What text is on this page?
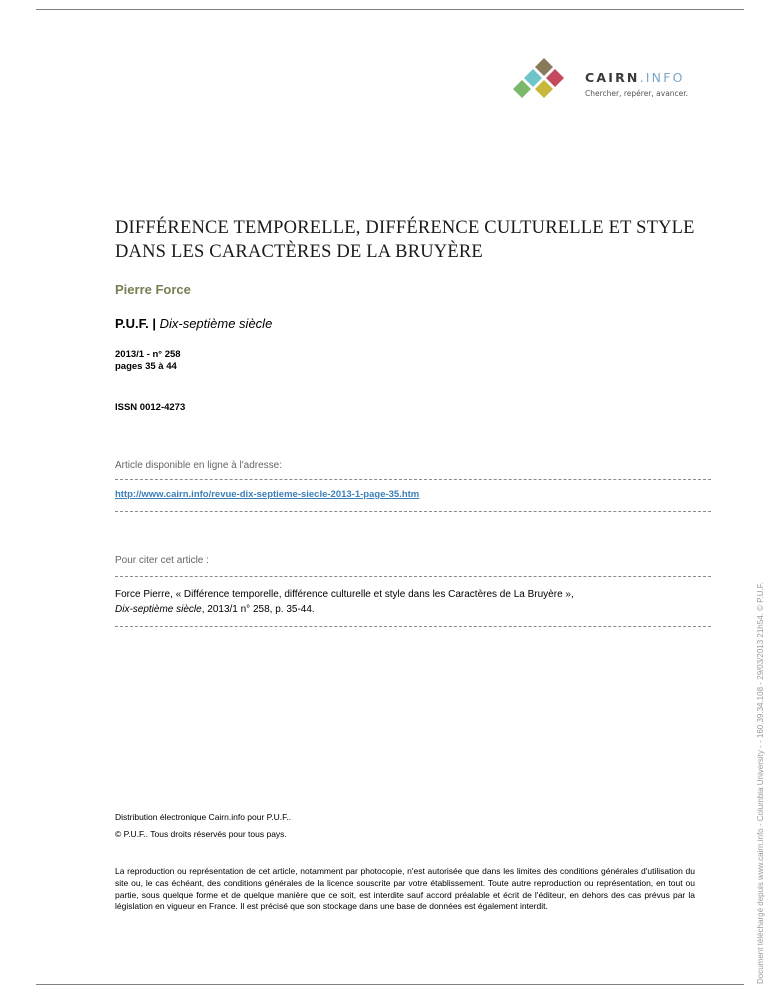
CAIRN.INFO
Chercher, repérer, avancer.
DIFFÉRENCE TEMPORELLE, DIFFÉRENCE CULTURELLE ET STYLE DANS LES CARACTÈRES DE LA BRUYÈRE
Pierre Force
P.U.F. | Dix-septième siècle
2013/1 - n° 258
pages 35 à 44
ISSN 0012-4273
Article disponible en ligne à l'adresse:
http://www.cairn.info/revue-dix-septieme-siecle-2013-1-page-35.htm
Pour citer cet article :
Force Pierre, « Différence temporelle, différence culturelle et style dans les Caractères de La Bruyère »,
Dix-septième siècle, 2013/1 n° 258, p. 35-44.
Distribution électronique Cairn.info pour P.U.F..
© P.U.F.. Tous droits réservés pour tous pays.
La reproduction ou représentation de cet article, notamment par photocopie, n'est autorisée que dans les limites des conditions générales d'utilisation du site ou, le cas échéant, des conditions générales de la licence souscrite par votre établissement. Toute autre reproduction ou représentation, en tout ou partie, sous quelque forme et de quelque manière que ce soit, est interdite sauf accord préalable et écrit de l'éditeur, en dehors des cas prévus par la législation en vigueur en France. Il est précisé que son stockage dans une base de données est également interdit.	Document téléchargé depuis www.cairn.info - Columbia University - - 160.39.34.108 - 29/03/2013 21h54. © P.U.F.
